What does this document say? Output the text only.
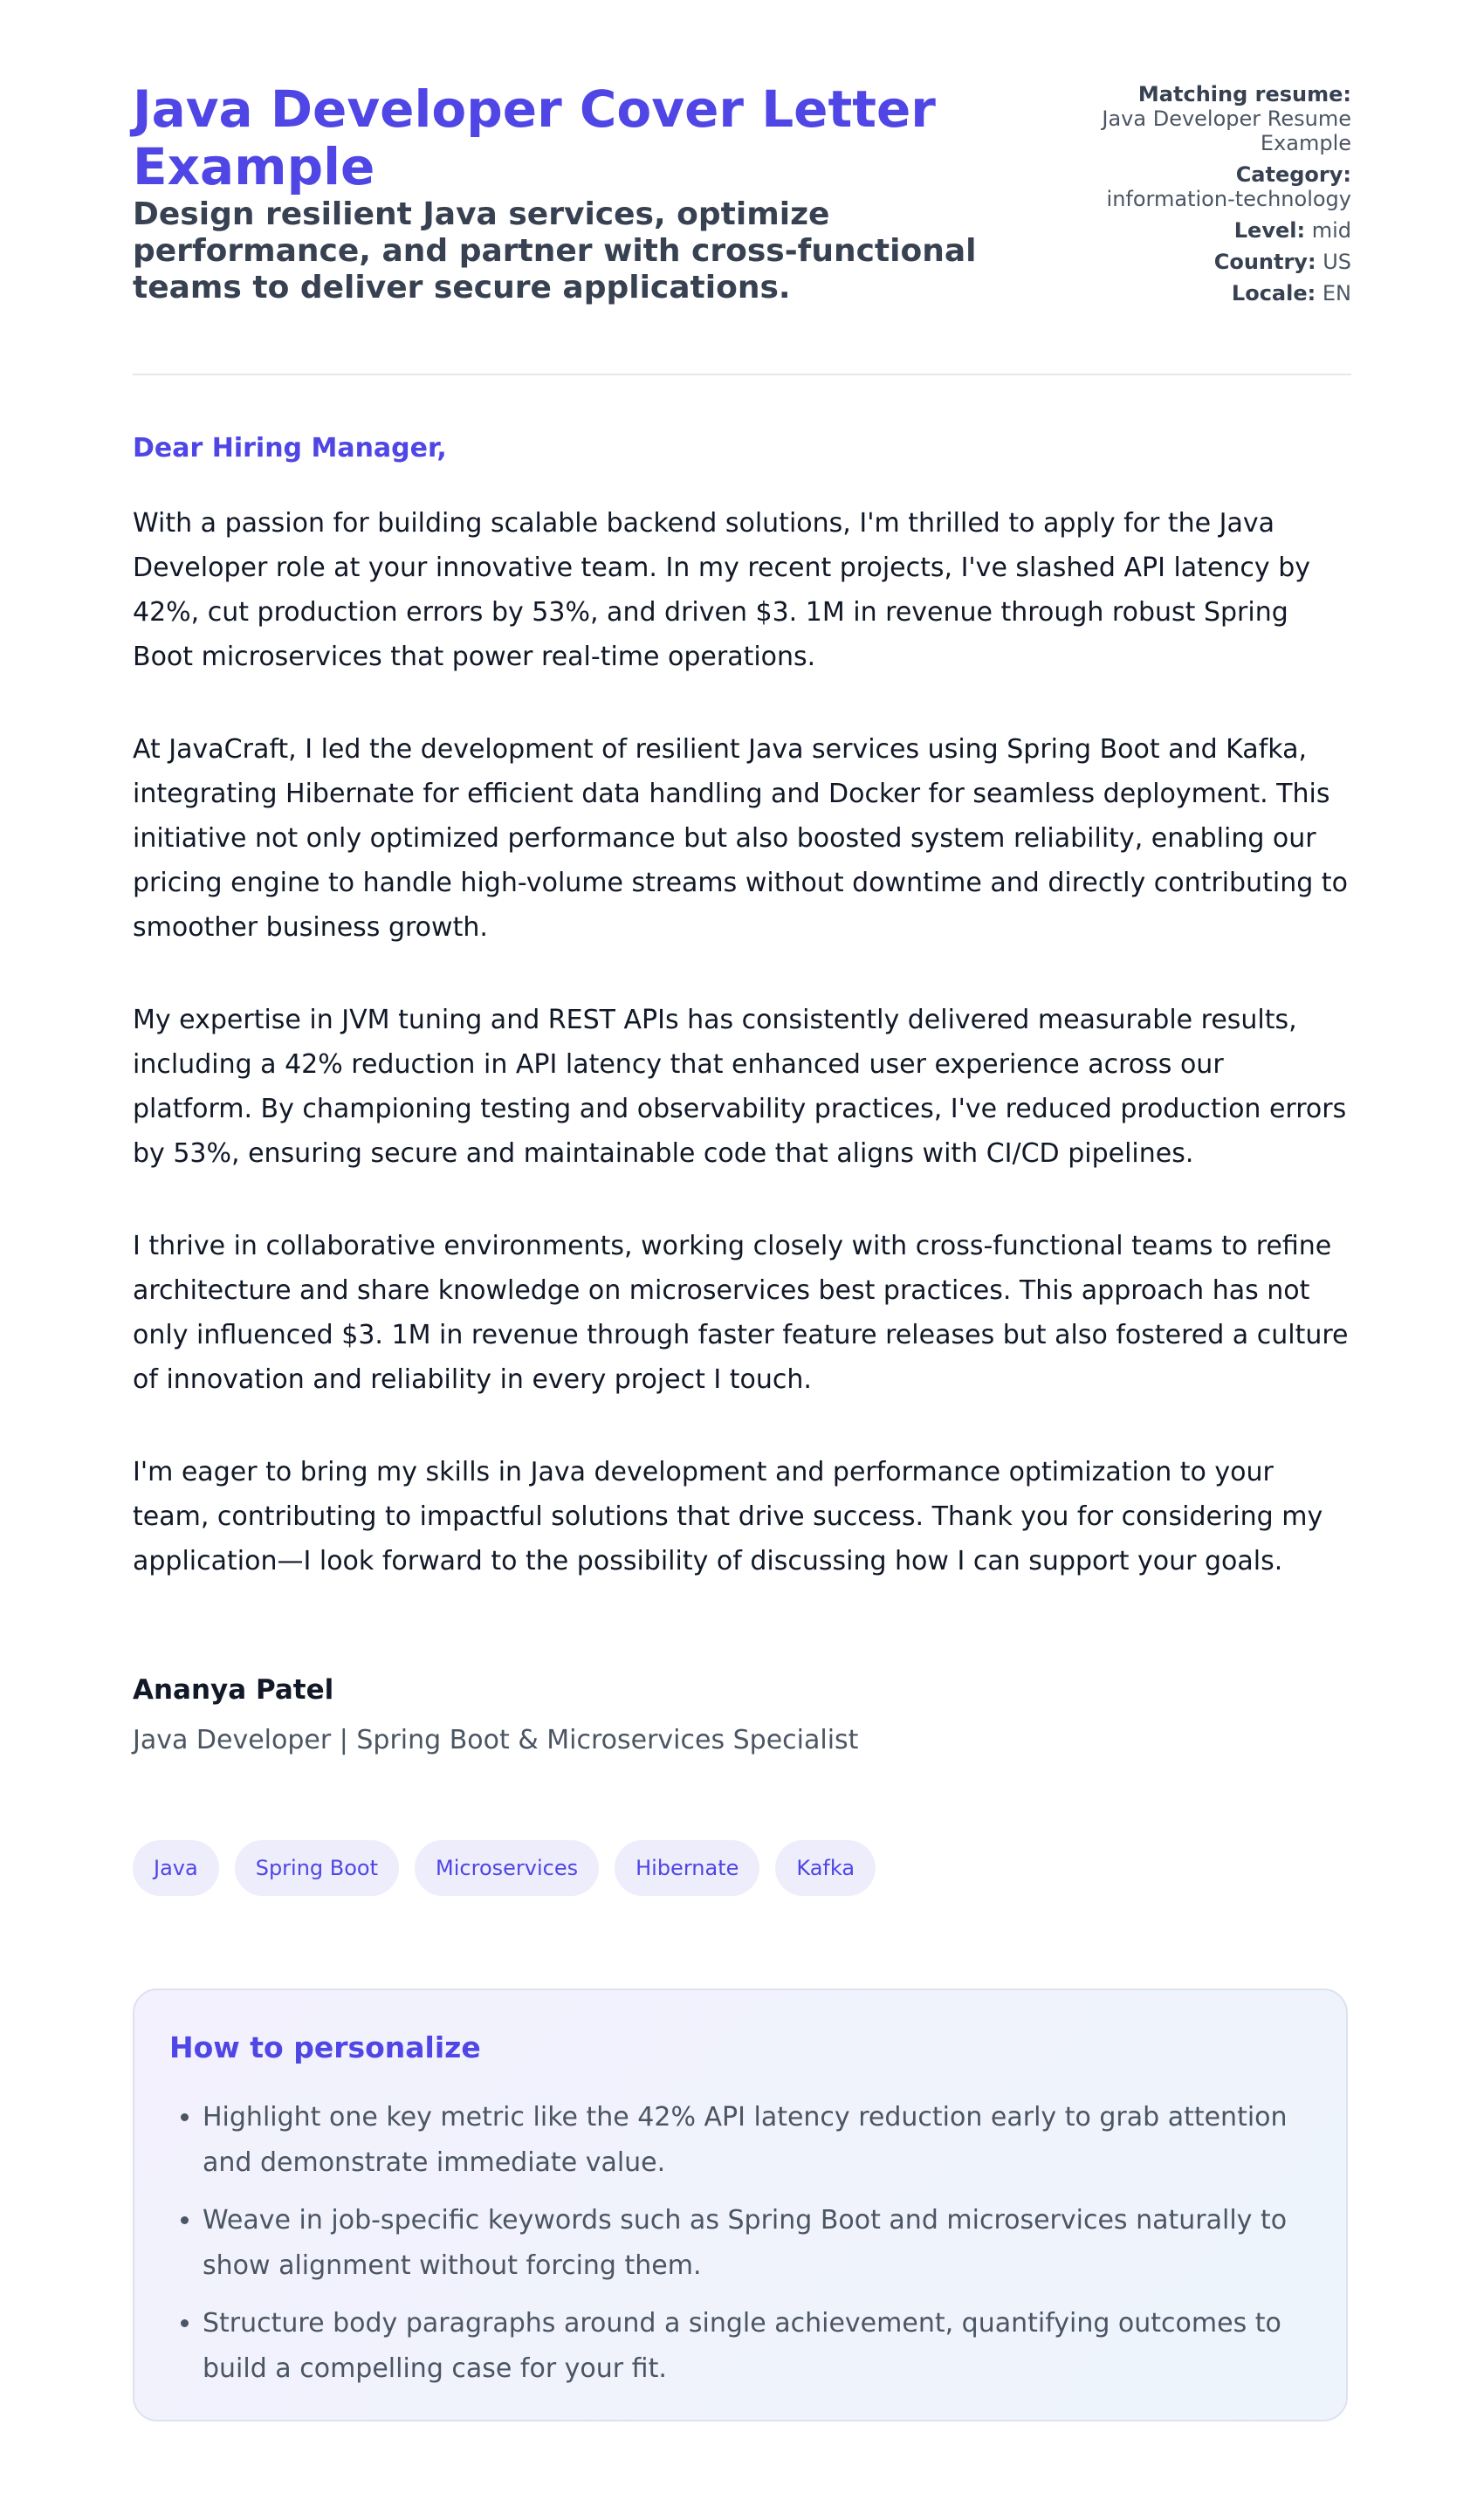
Java Developer Cover Letter Example
Design resilient Java services, optimize performance, and partner with cross-functional teams to deliver secure applications.
Matching resume:
Java Developer Resume Example
Category:
information-technology
Level: mid
Country: US
Locale: EN
Dear Hiring Manager,

With a passion for building scalable backend solutions, I'm thrilled to apply for the Java Developer role at your innovative team. In my recent projects, I've slashed API latency by 42%, cut production errors by 53%, and driven $3. 1M in revenue through robust Spring Boot microservices that power real-time operations.

At JavaCraft, I led the development of resilient Java services using Spring Boot and Kafka, integrating Hibernate for efficient data handling and Docker for seamless deployment. This initiative not only optimized performance but also boosted system reliability, enabling our pricing engine to handle high-volume streams without downtime and directly contributing to smoother business growth.

My expertise in JVM tuning and REST APIs has consistently delivered measurable results, including a 42% reduction in API latency that enhanced user experience across our platform. By championing testing and observability practices, I've reduced production errors by 53%, ensuring secure and maintainable code that aligns with CI/CD pipelines.

I thrive in collaborative environments, working closely with cross-functional teams to refine architecture and share knowledge on microservices best practices. This approach has not only influenced $3. 1M in revenue through faster feature releases but also fostered a culture of innovation and reliability in every project I touch.

I'm eager to bring my skills in Java development and performance optimization to your team, contributing to impactful solutions that drive success. Thank you for considering my application—I look forward to the possibility of discussing how I can support your goals.

Ananya Patel
Java Developer | Spring Boot & Microservices Specialist
Java	Spring Boot	Microservices	Hibernate	Kafka
How to personalize
• Highlight one key metric like the 42% API latency reduction early to grab attention and demonstrate immediate value.
• Weave in job-specific keywords such as Spring Boot and microservices naturally to show alignment without forcing them.
• Structure body paragraphs around a single achievement, quantifying outcomes to build a compelling case for your fit.
